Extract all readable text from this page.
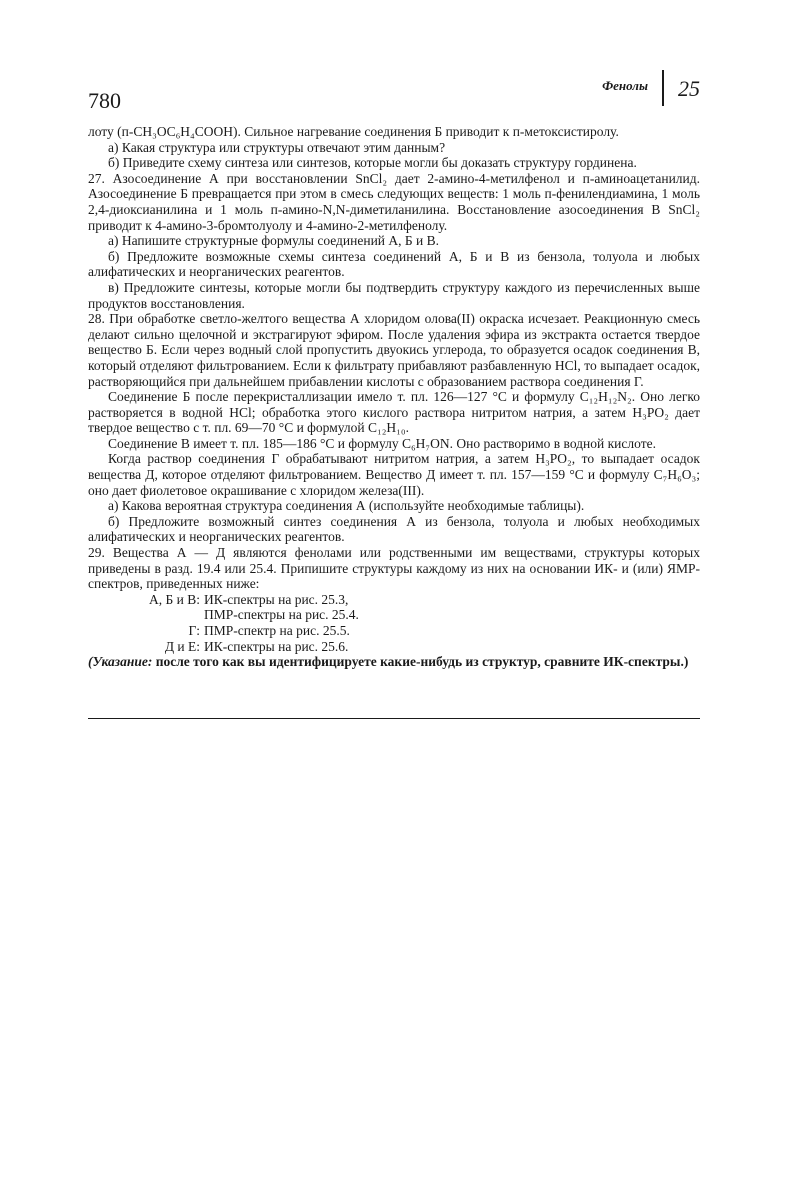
780
Фенолы 25

лоту (п-CH₃OC₆H₄COOH). Сильное нагревание соединения Б приводит к п-метоксистиролу.

а) Какая структура или структуры отвечают этим данным?

б) Приведите схему синтеза или синтезов, которые могли бы доказать структуру гординена.

27. Азосоединение А при восстановлении SnCl₂ дает 2-амино-4-метилфенол и п-аминоацетанилид. Азосоединение Б превращается при этом в смесь следующих веществ: 1 моль п-фенилендиамина, 1 моль 2,4-диоксианилина и 1 моль п-амино-N,N-диметиланилина. Восстановление азосоединения В SnCl₂ приводит к 4-амино-3-бромтолуолу и 4-амино-2-метилфенолу.

а) Напишите структурные формулы соединений А, Б и В.

б) Предложите возможные схемы синтеза соединений А, Б и В из бензола, толуола и любых алифатических и неорганических реагентов.

в) Предложите синтезы, которые могли бы подтвердить структуру каждого из перечисленных выше продуктов восстановления.

28. При обработке светло-желтого вещества А хлоридом олова(II) окраска исчезает. Реакционную смесь делают сильно щелочной и экстрагируют эфиром. После удаления эфира из экстракта остается твердое вещество Б. Если через водный слой пропустить двуокись углерода, то образуется осадок соединения В, который отделяют фильтрованием. Если к фильтрату прибавляют разбавленную HCl, то выпадает осадок, растворяющийся при дальнейшем прибавлении кислоты с образованием раствора соединения Г.

Соединение Б после перекристаллизации имело т. пл. 126—127 °C и формулу C₁₂H₁₂N₂. Оно легко растворяется в водной HCl; обработка этого кислого раствора нитритом натрия, а затем H₃PO₂ дает твердое вещество с т. пл. 69—70 °C и формулой C₁₂H₁₀.

Соединение В имеет т. пл. 185—186 °C и формулу C₆H₇ON. Оно растворимо в водной кислоте.

Когда раствор соединения Г обрабатывают нитритом натрия, а затем H₃PO₂, то выпадает осадок вещества Д, которое отделяют фильтрованием. Вещество Д имеет т. пл. 157—159 °C и формулу C₇H₆O₃; оно дает фиолетовое окрашивание с хлоридом железа(III).

а) Какова вероятная структура соединения А (используйте необходимые таблицы).

б) Предложите возможный синтез соединения А из бензола, толуола и любых необходимых алифатических и неорганических реагентов.

29. Вещества А — Д являются фенолами или родственными им веществами, структуры которых приведены в разд. 19.4 или 25.4. Припишите структуры каждому из них на основании ИК- и (или) ЯМР-спектров, приведенных ниже:

А, Б и В: ИК-спектры на рис. 25.3,
ПМР-спектры на рис. 25.4.
Г: ПМР-спектр на рис. 25.5.
Д и Е: ИК-спектры на рис. 25.6.

(Указание: после того как вы идентифицируете какие-нибудь из структур, сравните ИК-спектры.)
